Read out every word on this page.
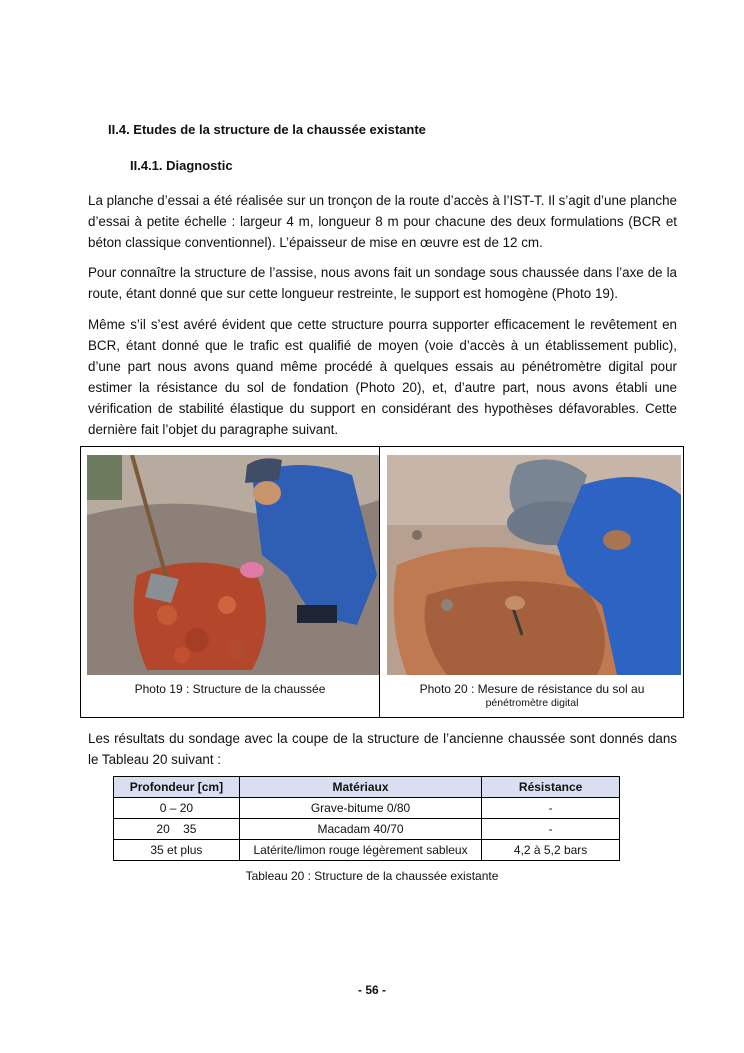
II.4. Etudes de la structure de la chaussée existante
II.4.1. Diagnostic

La planche d’essai a été réalisée sur un tronçon de la route d’accès à l’IST-T. Il s’agit d’une planche d’essai à petite échelle : largeur 4 m, longueur 8 m pour chacune des deux formulations (BCR et béton classique conventionnel). L’épaisseur de mise en œuvre est de 12 cm.

Pour connaître la structure de l’assise, nous avons fait un sondage sous chaussée dans l’axe de la route, étant donné que sur cette longueur restreinte, le support est homogène (Photo 19).

Même s’il s’est avéré évident que cette structure pourra supporter efficacement le revêtement en BCR, étant donné que le trafic est qualifié de moyen (voie d’accès à un établissement public), d’une part nous avons quand même procédé à quelques essais au pénétromètre digital pour estimer la résistance du sol de fondation (Photo 20), et, d’autre part, nous avons établi une vérification de stabilité élastique du support en considérant des hypothèses défavorables. Cette dernière fait l’objet du paragraphe suivant.

Photo 19 : Structure de la chaussée	Photo 20 : Mesure de résistance du sol au
pénétromètre digital

Les résultats du sondage avec la coupe de la structure de l’ancienne chaussée sont donnés dans le Tableau 20 suivant :

Profondeur [cm]	Matériaux	Résistance
0 – 20	Grave-bitume 0/80	-
20    35	Macadam 40/70	-
35 et plus	Latérite/limon rouge légèrement sableux	4,2 à 5,2 bars
Tableau 20 : Structure de la chaussée existante
- 56 -
